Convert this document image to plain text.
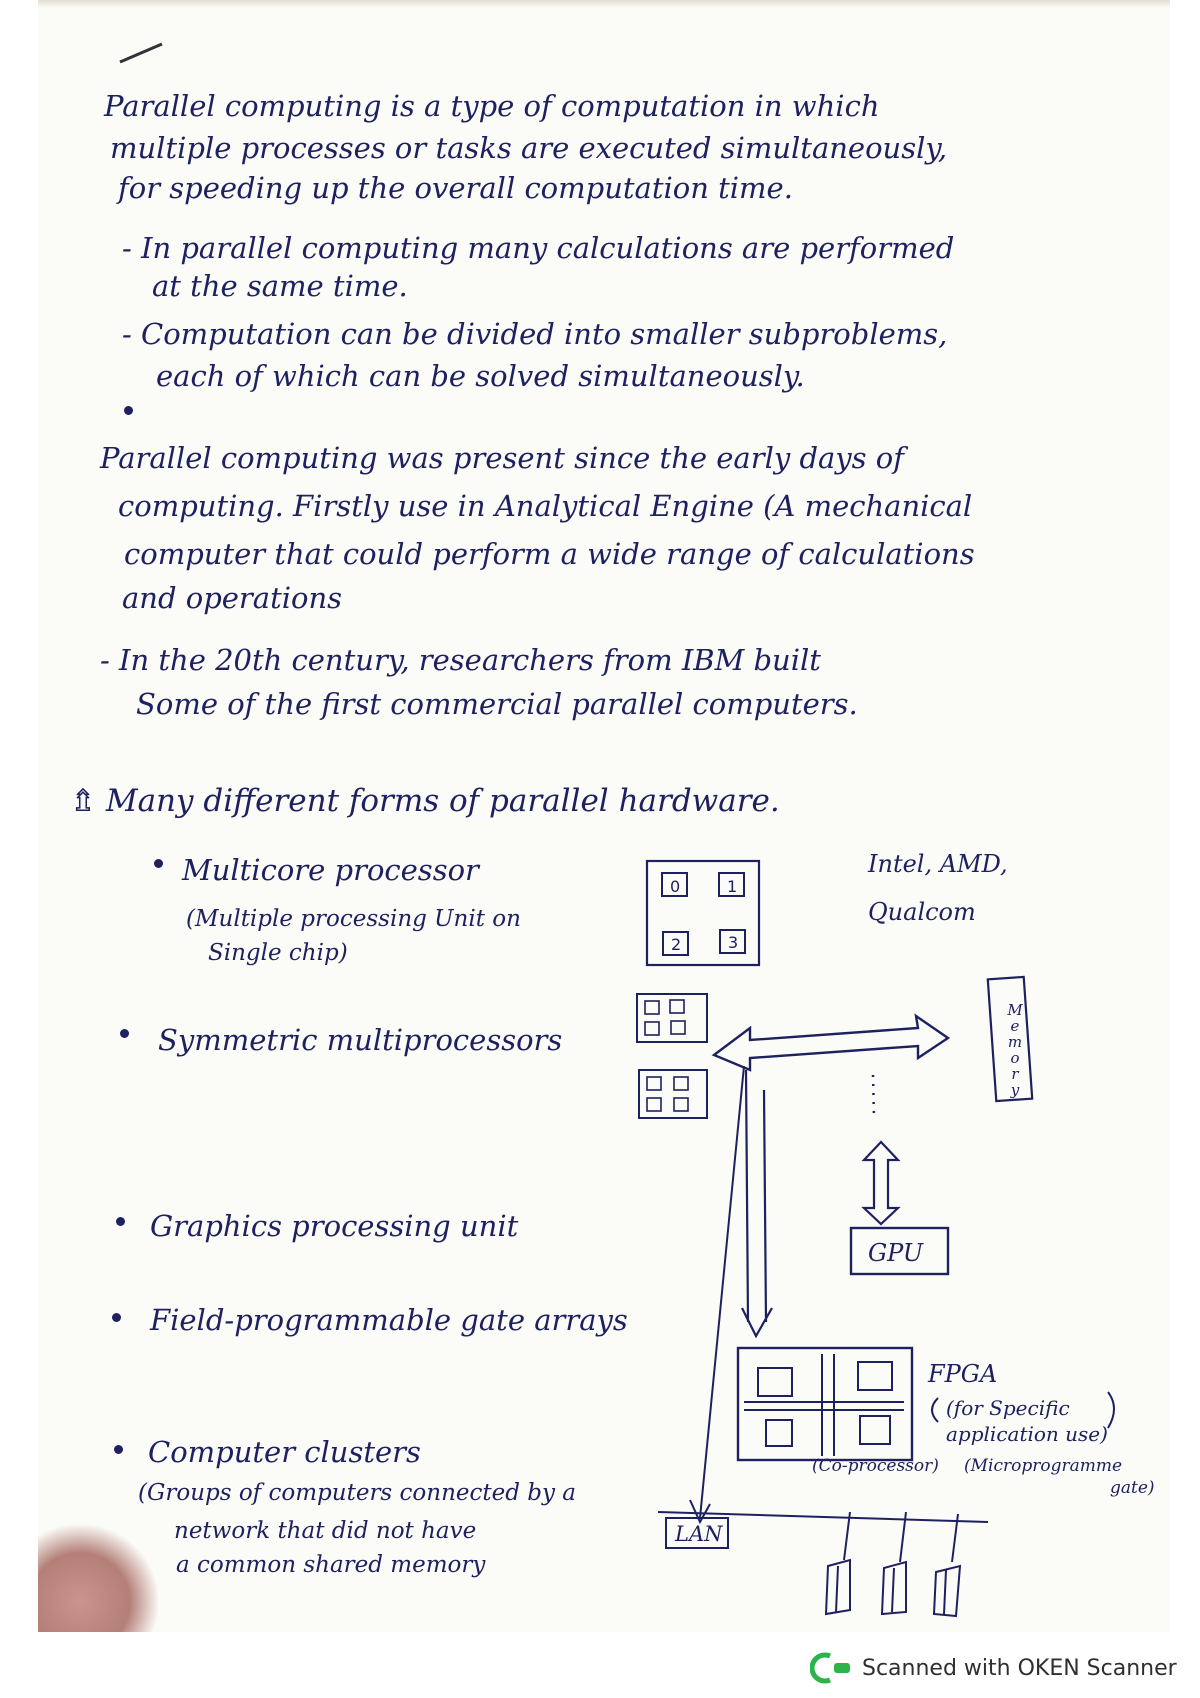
0	1
2	3
GPU
LAN

Parallel computing is a type of computation in which

multiple processes or tasks are executed simultaneously,

for speeding up the overall computation time.

- In parallel computing many calculations are performed

at the same time.

- Computation can be divided into smaller subproblems,

each of which can be solved simultaneously.

Parallel computing was present since the early days of

computing. Firstly use in Analytical Engine (A mechanical

computer that could perform a wide range of calculations

and operations

- In the 20th century, researchers from IBM built

Some of the first commercial parallel computers.

⇯ Many different forms of parallel hardware.

Multicore processor

(Multiple processing Unit on

Single chip)

Intel, AMD,

Qualcom

Symmetric multiprocessors

Graphics processing unit

Field-programmable gate arrays

FPGA

(for Specific

application use)

(Co-processor) (Microprogramme

gate)

Computer clusters

(Groups of computers connected by a

network that did not have

a common shared memory

M
e
m
o
r
y
Scanned with OKEN Scanner
